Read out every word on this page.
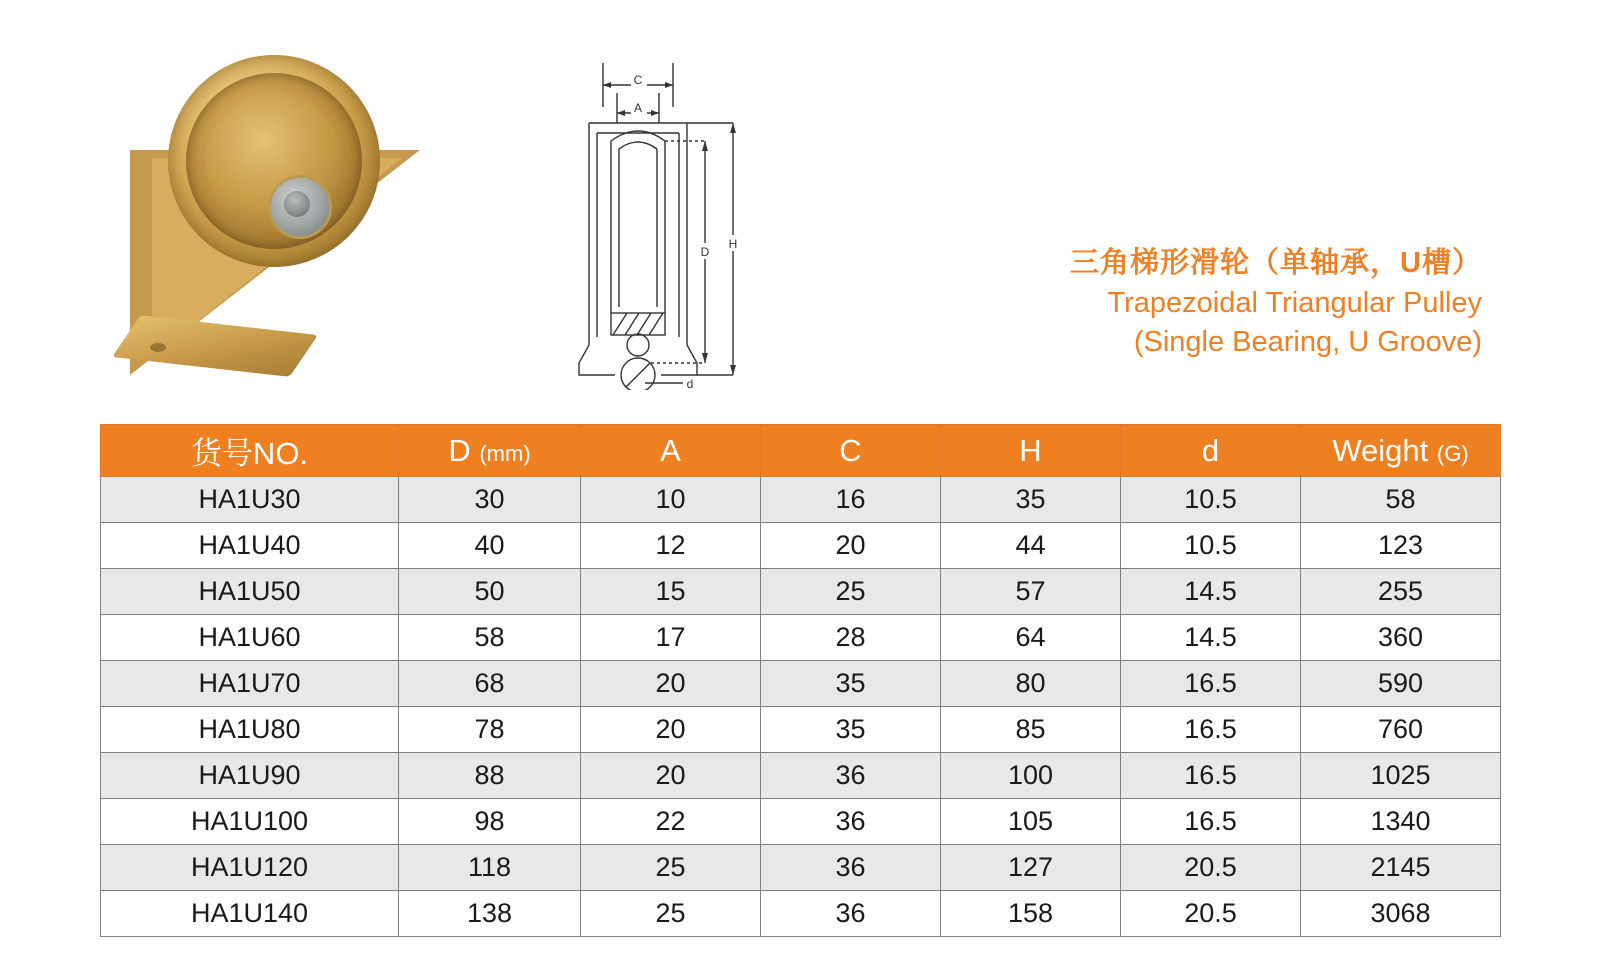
C
A
D
H
d
三角梯形滑轮（单轴承，U槽）
Trapezoidal Triangular Pulley
(Single Bearing, U Groove)
货号NO.	D (mm)	A	C	H	d	Weight (G)
HA1U30	30	10	16	35	10.5	58
HA1U40	40	12	20	44	10.5	123
HA1U50	50	15	25	57	14.5	255
HA1U60	58	17	28	64	14.5	360
HA1U70	68	20	35	80	16.5	590
HA1U80	78	20	35	85	16.5	760
HA1U90	88	20	36	100	16.5	1025
HA1U100	98	22	36	105	16.5	1340
HA1U120	118	25	36	127	20.5	2145
HA1U140	138	25	36	158	20.5	3068
